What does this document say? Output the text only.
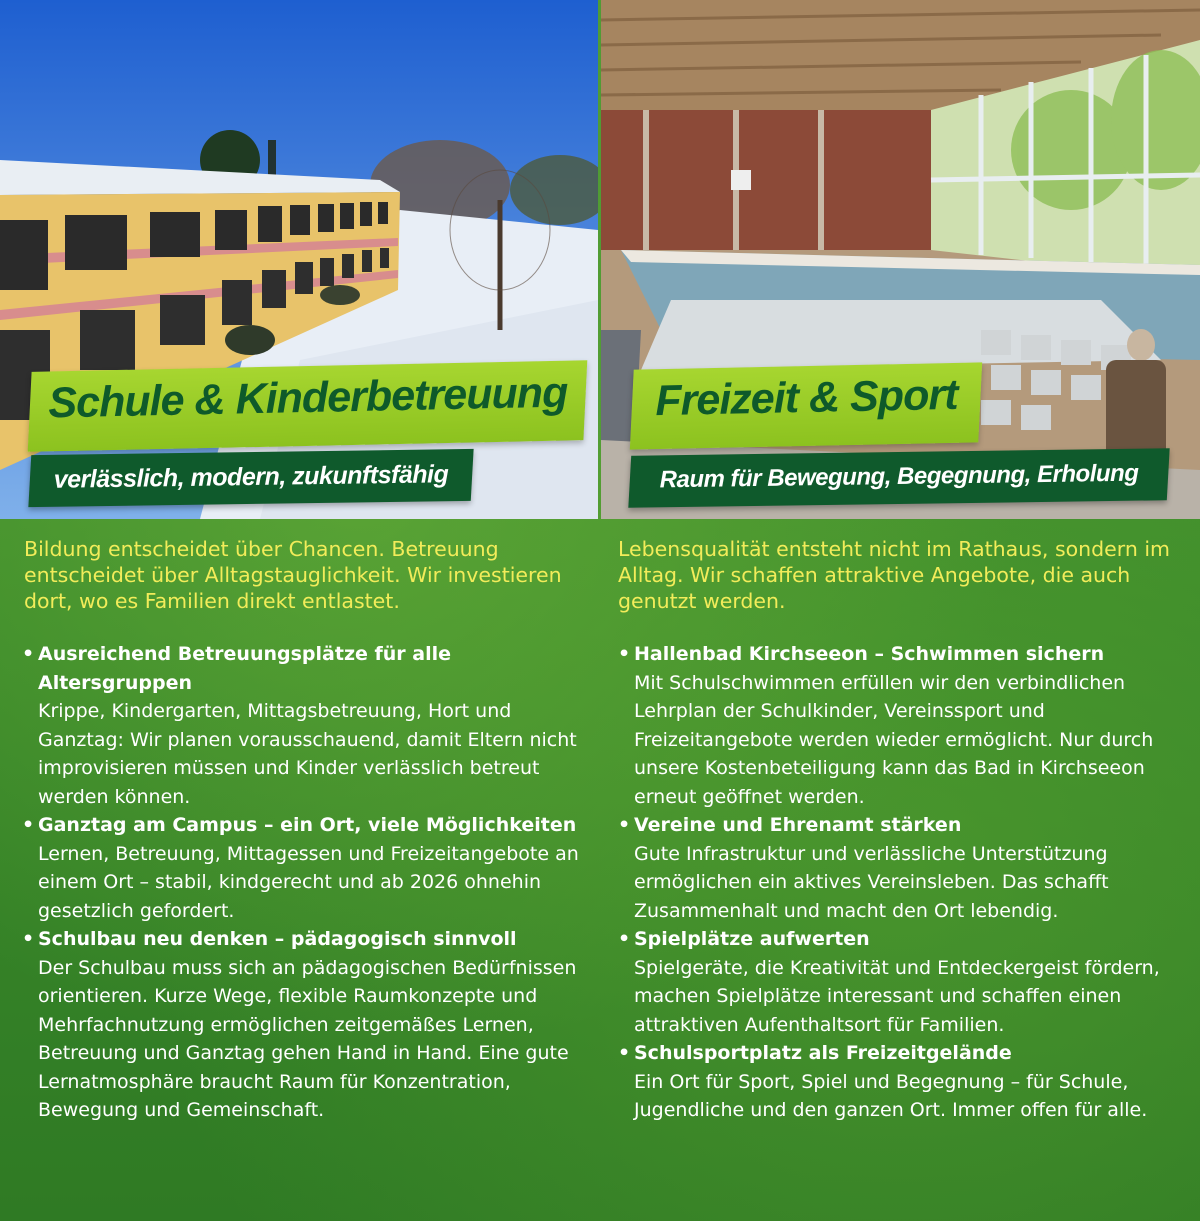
Schule & Kinderbetreuung
verlässlich, modern, zukunftsfähig
Freizeit & Sport
Raum für Bewegung, Begegnung, Erholung

Bildung entscheidet über Chancen. Betreuung entscheidet über Alltagstauglichkeit. Wir investieren dort, wo es Familien direkt entlastet.

• Ausreichend Betreuungsplätze für alle Altersgruppen
Krippe, Kindergarten, Mittagsbetreuung, Hort und Ganztag: Wir planen vorausschauend, damit Eltern nicht improvisieren müssen und Kinder verlässlich betreut werden können.
• Ganztag am Campus – ein Ort, viele Möglichkeiten
Lernen, Betreuung, Mittagessen und Freizeitangebote an einem Ort – stabil, kindgerecht und ab 2026 ohnehin gesetzlich gefordert.
• Schulbau neu denken – pädagogisch sinnvoll
Der Schulbau muss sich an pädagogischen Bedürfnissen orientieren. Kurze Wege, flexible Raumkonzepte und Mehrfachnutzung ermöglichen zeitgemäßes Lernen, Betreuung und Ganztag gehen Hand in Hand. Eine gute Lernatmosphäre braucht Raum für Konzentration, Bewegung und Gemeinschaft.

Lebensqualität entsteht nicht im Rathaus, sondern im Alltag. Wir schaffen attraktive Angebote, die auch genutzt werden.

• Hallenbad Kirchseeon – Schwimmen sichern
Mit Schulschwimmen erfüllen wir den verbindlichen Lehrplan der Schulkinder, Vereinssport und Freizeitangebote werden wieder ermöglicht. Nur durch unsere Kostenbeteiligung kann das Bad in Kirchseeon erneut geöffnet werden.
• Vereine und Ehrenamt stärken
Gute Infrastruktur und verlässliche Unterstützung ermöglichen ein aktives Vereinsleben. Das schafft Zusammenhalt und macht den Ort lebendig.
• Spielplätze aufwerten
Spielgeräte, die Kreativität und Entdeckergeist fördern, machen Spielplätze interessant und schaffen einen attraktiven Aufenthaltsort für Familien.
• Schulsportplatz als Freizeitgelände
Ein Ort für Sport, Spiel und Begegnung – für Schule, Jugendliche und den ganzen Ort. Immer offen für alle.
